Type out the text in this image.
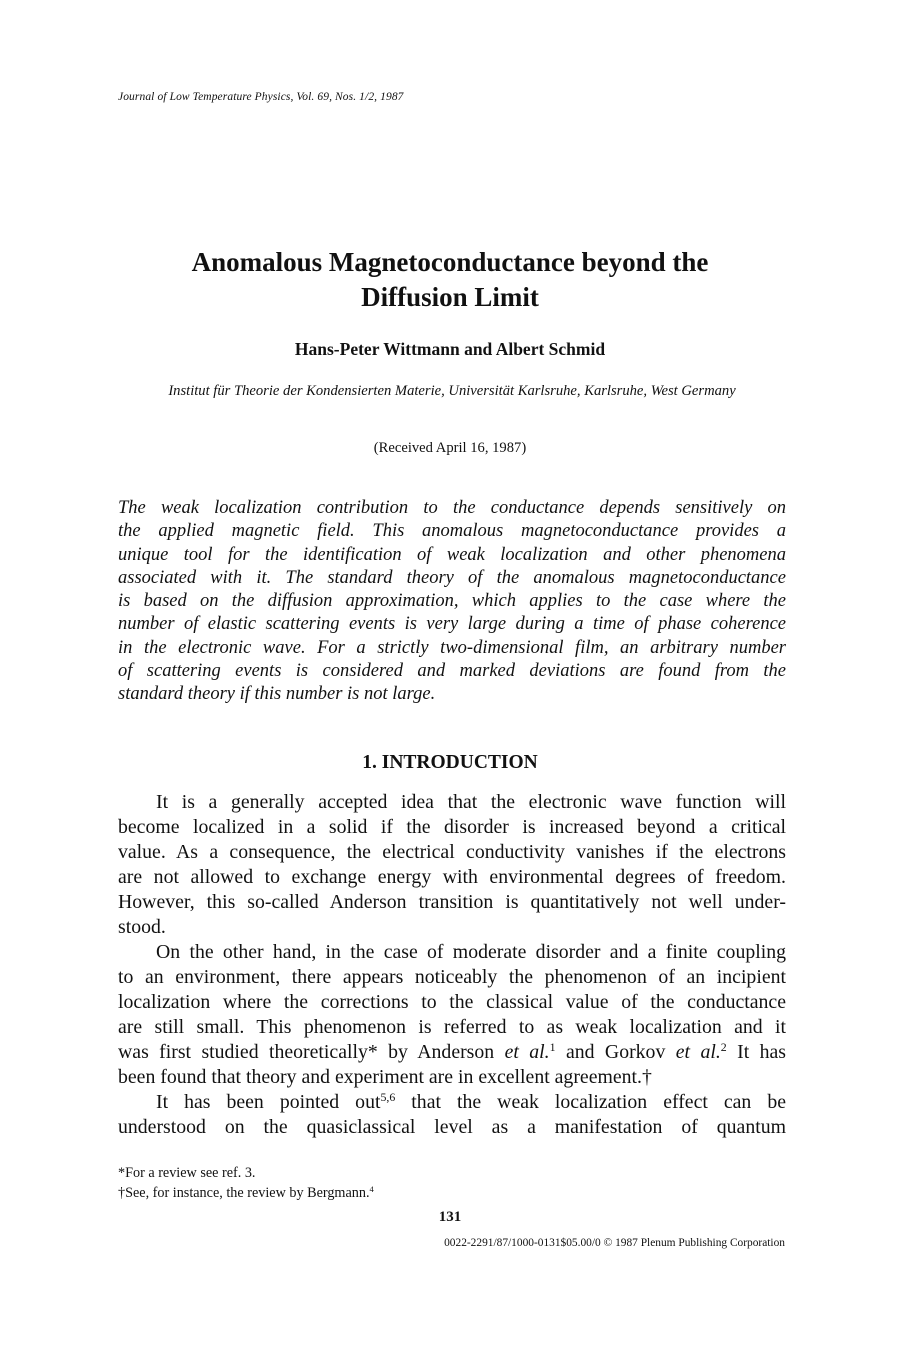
Journal of Low Temperature Physics, Vol. 69, Nos. 1/2, 1987
Anomalous Magnetoconductance beyond the
Diffusion Limit
Hans-Peter Wittmann and Albert Schmid
Institut für Theorie der Kondensierten Materie, Universität Karlsruhe, Karlsruhe, West Germany
(Received April 16, 1987)
The weak localization contribution to the conductance depends sensitively on
the applied magnetic field. This anomalous magnetoconductance provides a
unique tool for the identification of weak localization and other phenomena
associated with it. The standard theory of the anomalous magnetoconductance
is based on the diffusion approximation, which applies to the case where the
number of elastic scattering events is very large during a time of phase coherence
in the electronic wave. For a strictly two-dimensional film, an arbitrary number
of scattering events is considered and marked deviations are found from the
standard theory if this number is not large.
1. INTRODUCTION
It is a generally accepted idea that the electronic wave function will
become localized in a solid if the disorder is increased beyond a critical
value. As a consequence, the electrical conductivity vanishes if the electrons
are not allowed to exchange energy with environmental degrees of freedom.
However, this so-called Anderson transition is quantitatively not well under-
stood.
On the other hand, in the case of moderate disorder and a finite coupling
to an environment, there appears noticeably the phenomenon of an incipient
localization where the corrections to the classical value of the conductance
are still small. This phenomenon is referred to as weak localization and it
was first studied theoretically* by Anderson et al.$^1$ and Gorkov et al.$^2$ It has
been found that theory and experiment are in excellent agreement.†
It has been pointed out$^{5,6}$ that the weak localization effect can be
understood on the quasiclassical level as a manifestation of quantum
*For a review see ref. 3.
†See, for instance, the review by Bergmann.$^4$
131
0022-2291/87/1000-0131$05.00/0 © 1987 Plenum Publishing Corporation
